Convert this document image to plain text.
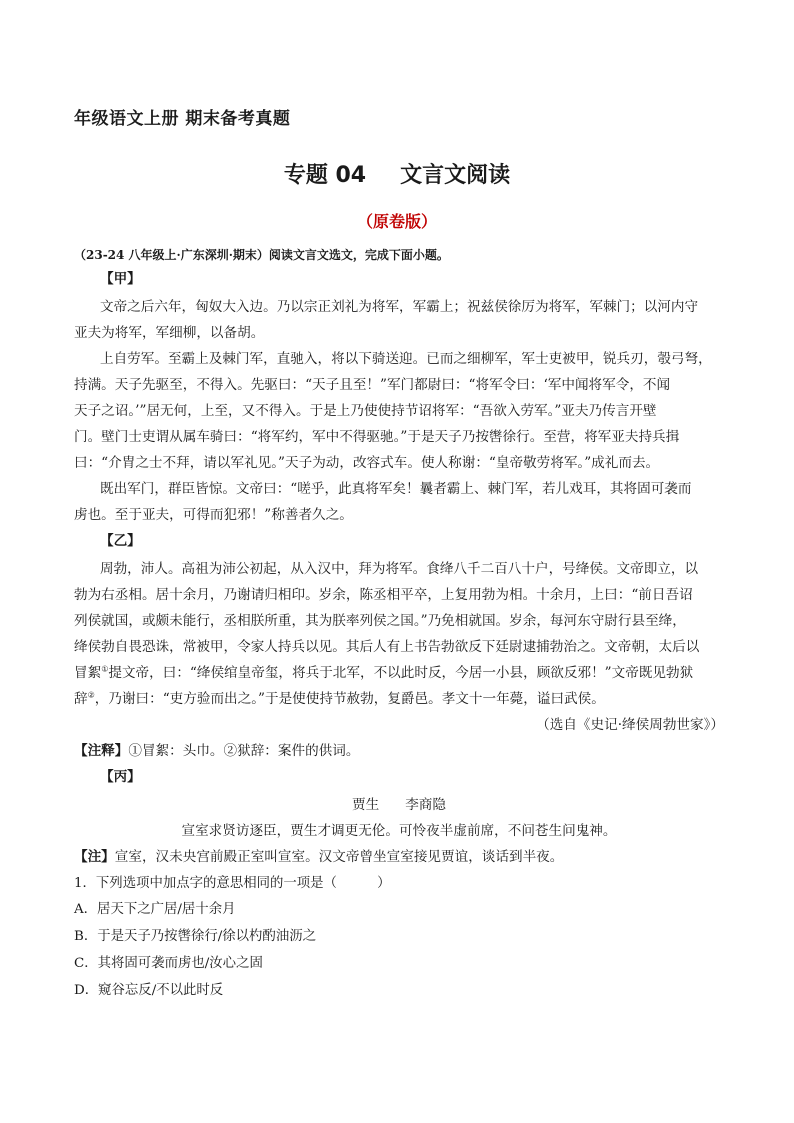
年级语文上册 期末备考真题
专题 04 文言文阅读
（原卷版）
（23-24 八年级上·广东深圳·期末）阅读文言文选文，完成下面小题。
【甲】
文帝之后六年，匈奴大入边。乃以宗正刘礼为将军，军霸上；祝兹侯徐厉为将军，军棘门；以河内守
亚夫为将军，军细柳，以备胡。
上自劳军。至霸上及棘门军，直驰入，将以下骑送迎。已而之细柳军，军士吏被甲，锐兵刃，彀弓弩，
持满。天子先驱至，不得入。先驱曰：“天子且至！”军门都尉曰：“将军令曰：‘军中闻将军令，不闻
天子之诏。’”居无何，上至，又不得入。于是上乃使使持节诏将军：“吾欲入劳军。”亚夫乃传言开壁
门。壁门士吏谓从属车骑曰：“将军约，军中不得驱驰。”于是天子乃按辔徐行。至营，将军亚夫持兵揖
曰：“介胄之士不拜，请以军礼见。”天子为动，改容式车。使人称谢：“皇帝敬劳将军。”成礼而去。
既出军门，群臣皆惊。文帝曰：“嗟乎，此真将军矣！曩者霸上、棘门军，若儿戏耳，其将固可袭而
虏也。至于亚夫，可得而犯邪！”称善者久之。
【乙】
周勃，沛人。高祖为沛公初起，从入汉中，拜为将军。食绛八千二百八十户，号绛侯。文帝即立，以
勃为右丞相。居十余月，乃谢请归相印。岁余，陈丞相平卒，上复用勃为相。十余月，上曰：“前日吾诏
列侯就国，或颇未能行，丞相朕所重，其为朕率列侯之国。”乃免相就国。岁余，每河东守尉行县至绛，
绛侯勃自畏恐诛，常被甲，令家人持兵以见。其后人有上书告勃欲反下廷尉逮捕勃治之。文帝朝，太后以
冒絮①提文帝，曰：“绛侯绾皇帝玺，将兵于北军，不以此时反，今居一小县，顾欲反邪！”文帝既见勃狱
辞②，乃谢曰：“吏方验而出之。”于是使使持节赦勃，复爵邑。孝文十一年薨，谥曰武侯。
（选自《史记·绛侯周勃世家》）
【注释】①冒絮：头巾。②狱辞：案件的供词。
【丙】
贾生 李商隐
宣室求贤访逐臣，贾生才调更无伦。可怜夜半虚前席，不问苍生问鬼神。
【注】宣室，汉未央宫前殿正室叫宣室。汉文帝曾坐宣室接见贾谊，谈话到半夜。
1．下列选项中加点字的意思相同的一项是（　　　）
A．居天下之广居/居十余月
B．于是天子乃按辔徐行/徐以杓酌油沥之
C．其将固可袭而虏也/汝心之固
D．窥谷忘反/不以此时反
